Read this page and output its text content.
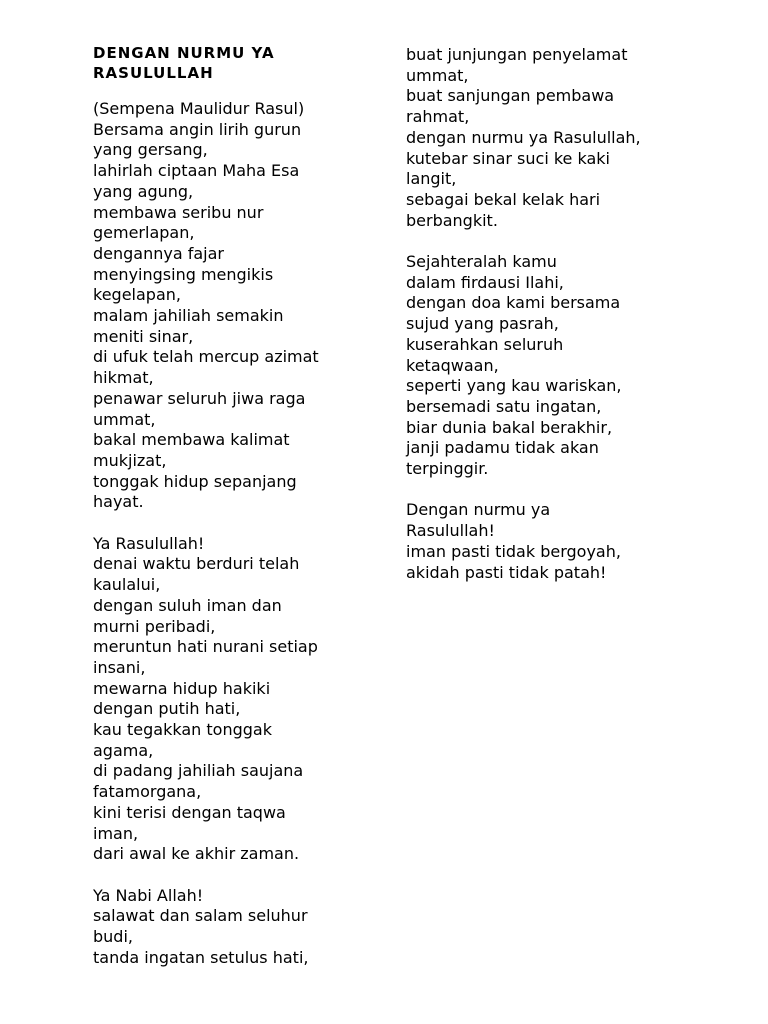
DENGAN NURMU YA
RASULULLAH
(Sempena Maulidur Rasul)
Bersama angin lirih gurun
yang gersang,
lahirlah ciptaan Maha Esa
yang agung,
membawa seribu nur
gemerlapan,
dengannya fajar
menyingsing mengikis
kegelapan,
malam jahiliah semakin
meniti sinar,
di ufuk telah mercup azimat
hikmat,
penawar seluruh jiwa raga
ummat,
bakal membawa kalimat
mukjizat,
tonggak hidup sepanjang
hayat.
Ya Rasulullah!
denai waktu berduri telah
kaulalui,
dengan suluh iman dan
murni peribadi,
meruntun hati nurani setiap
insani,
mewarna hidup hakiki
dengan putih hati,
kau tegakkan tonggak
agama,
di padang jahiliah saujana
fatamorgana,
kini terisi dengan taqwa
iman,
dari awal ke akhir zaman.
Ya Nabi Allah!
salawat dan salam seluhur
budi,
tanda ingatan setulus hati,
buat junjungan penyelamat
ummat,
buat sanjungan pembawa
rahmat,
dengan nurmu ya Rasulullah,
kutebar sinar suci ke kaki
langit,
sebagai bekal kelak hari
berbangkit.
Sejahteralah kamu
dalam firdausi Ilahi,
dengan doa kami bersama
sujud yang pasrah,
kuserahkan seluruh
ketaqwaan,
seperti yang kau wariskan,
bersemadi satu ingatan,
biar dunia bakal berakhir,
janji padamu tidak akan
terpinggir.
Dengan nurmu ya
Rasulullah!
iman pasti tidak bergoyah,
akidah pasti tidak patah!
